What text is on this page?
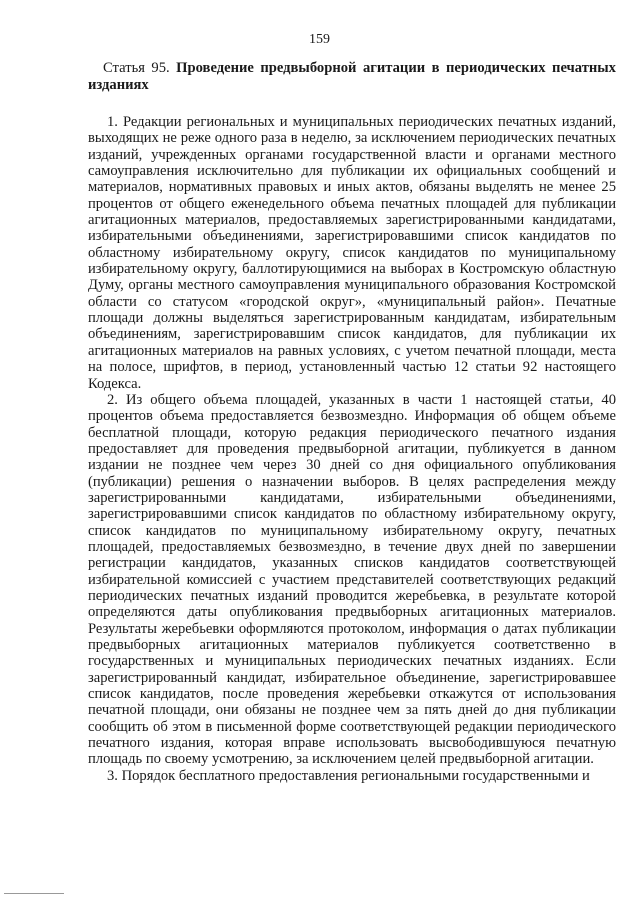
159
Статья 95. Проведение предвыборной агитации в периодических печатных изданиях

1. Редакции региональных и муниципальных периодических печатных изданий, выходящих не реже одного раза в неделю, за исключением периодических печатных изданий, учрежденных органами государственной власти и органами местного самоуправления исключительно для публикации их официальных сообщений и материалов, нормативных правовых и иных актов, обязаны выделять не менее 25 процентов от общего еженедельного объема печатных площадей для публикации агитационных материалов, предоставляемых зарегистрированными кандидатами, избирательными объединениями, зарегистрировавшими список кандидатов по областному избирательному округу, список кандидатов по муниципальному избирательному округу, баллотирующимися на выборах в Костромскую областную Думу, органы местного самоуправления муниципального образования Костромской области со статусом «городской округ», «муниципальный район». Печатные площади должны выделяться зарегистрированным кандидатам, избирательным объединениям, зарегистрировавшим список кандидатов, для публикации их агитационных материалов на равных условиях, с учетом печатной площади, места на полосе, шрифтов, в период, установленный частью 12 статьи 92 настоящего Кодекса.

2. Из общего объема площадей, указанных в части 1 настоящей статьи, 40 процентов объема предоставляется безвозмездно. Информация об общем объеме бесплатной площади, которую редакция периодического печатного издания предоставляет для проведения предвыборной агитации, публикуется в данном издании не позднее чем через 30 дней со дня официального опубликования (публикации) решения о назначении выборов. В целях распределения между зарегистрированными кандидатами, избирательными объединениями, зарегистрировавшими список кандидатов по областному избирательному округу, список кандидатов по муниципальному избирательному округу, печатных площадей, предоставляемых безвозмездно, в течение двух дней по завершении регистрации кандидатов, указанных списков кандидатов соответствующей избирательной комиссией с участием представителей соответствующих редакций периодических печатных изданий проводится жеребьевка, в результате которой определяются даты опубликования предвыборных агитационных материалов. Результаты жеребьевки оформляются протоколом, информация о датах публикации предвыборных агитационных материалов публикуется соответственно в государственных и муниципальных периодических печатных изданиях. Если зарегистрированный кандидат, избирательное объединение, зарегистрировавшее список кандидатов, после проведения жеребьевки откажутся от использования печатной площади, они обязаны не позднее чем за пять дней до дня публикации сообщить об этом в письменной форме соответствующей редакции периодического печатного издания, которая вправе использовать высвободившуюся печатную площадь по своему усмотрению, за исключением целей предвыборной агитации.

3. Порядок бесплатного предоставления региональными государственными и
